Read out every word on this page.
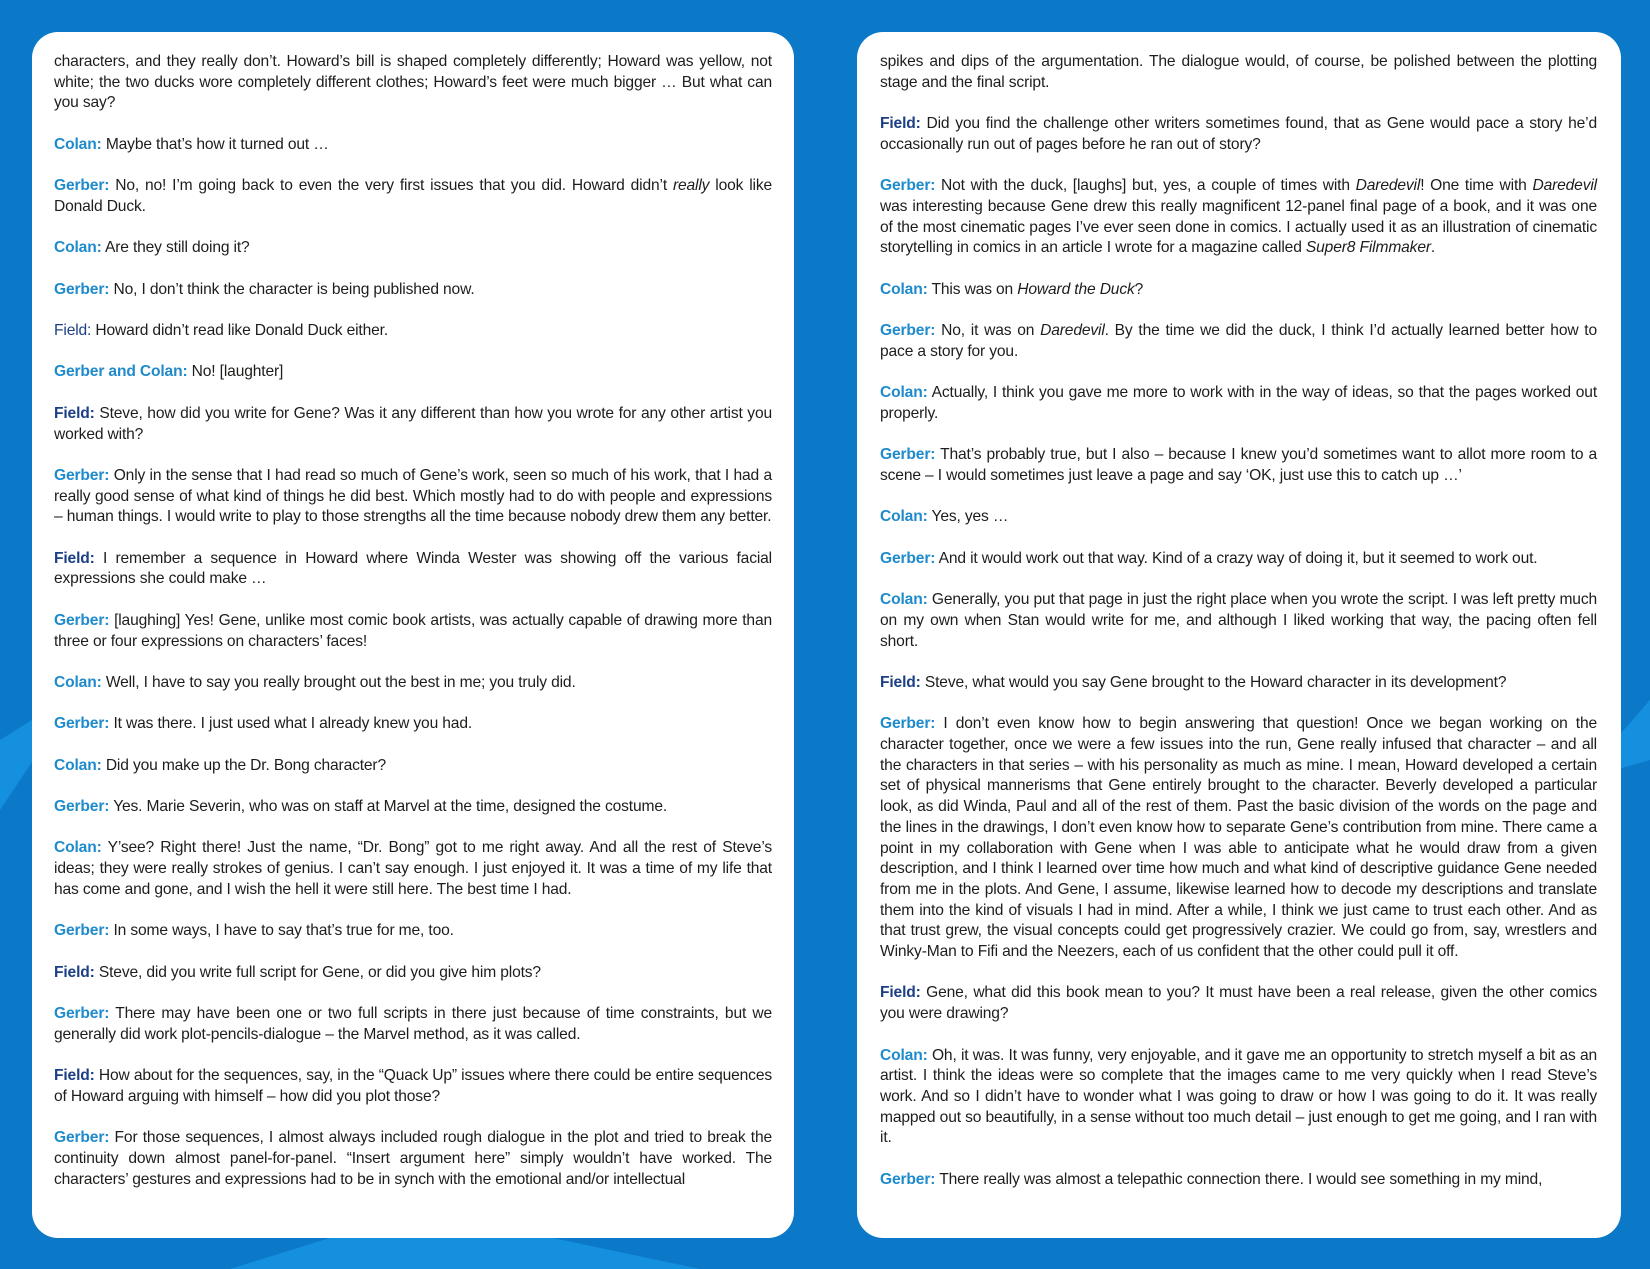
characters, and they really don’t. Howard’s bill is shaped completely differently; Howard was yellow, not white; the two ducks wore completely different clothes; Howard’s feet were much bigger … But what can you say?

Colan: Maybe that’s how it turned out …

Gerber: No, no! I’m going back to even the very first issues that you did. Howard didn’t really look like Donald Duck.

Colan: Are they still doing it?

Gerber: No, I don’t think the character is being published now.

Field: Howard didn’t read like Donald Duck either.

Gerber and Colan: No! [laughter]

Field: Steve, how did you write for Gene? Was it any different than how you wrote for any other artist you worked with?

Gerber: Only in the sense that I had read so much of Gene’s work, seen so much of his work, that I had a really good sense of what kind of things he did best. Which mostly had to do with people and expressions – human things. I would write to play to those strengths all the time because nobody drew them any better.

Field: I remember a sequence in Howard where Winda Wester was showing off the various facial expressions she could make …

Gerber: [laughing] Yes! Gene, unlike most comic book artists, was actually capable of drawing more than three or four expressions on characters’ faces!

Colan: Well, I have to say you really brought out the best in me; you truly did.

Gerber: It was there. I just used what I already knew you had.

Colan: Did you make up the Dr. Bong character?

Gerber: Yes. Marie Severin, who was on staff at Marvel at the time, designed the costume.

Colan: Y’see? Right there! Just the name, “Dr. Bong” got to me right away. And all the rest of Steve’s ideas; they were really strokes of genius. I can’t say enough. I just enjoyed it. It was a time of my life that has come and gone, and I wish the hell it were still here. The best time I had.

Gerber: In some ways, I have to say that’s true for me, too.

Field: Steve, did you write full script for Gene, or did you give him plots?

Gerber: There may have been one or two full scripts in there just because of time constraints, but we generally did work plot-pencils-dialogue – the Marvel method, as it was called.

Field: How about for the sequences, say, in the “Quack Up” issues where there could be entire sequences of Howard arguing with himself – how did you plot those?

Gerber: For those sequences, I almost always included rough dialogue in the plot and tried to break the continuity down almost panel-for-panel. “Insert argument here” simply wouldn’t have worked. The characters’ gestures and expressions had to be in synch with the emotional and/or intellectual

spikes and dips of the argumentation. The dialogue would, of course, be polished between the plotting stage and the final script.

Field: Did you find the challenge other writers sometimes found, that as Gene would pace a story he’d occasionally run out of pages before he ran out of story?

Gerber: Not with the duck, [laughs] but, yes, a couple of times with Daredevil! One time with Daredevil was interesting because Gene drew this really magnificent 12-panel final page of a book, and it was one of the most cinematic pages I’ve ever seen done in comics. I actually used it as an illustration of cinematic storytelling in comics in an article I wrote for a magazine called Super8 Filmmaker.

Colan: This was on Howard the Duck?

Gerber: No, it was on Daredevil. By the time we did the duck, I think I’d actually learned better how to pace a story for you.

Colan: Actually, I think you gave me more to work with in the way of ideas, so that the pages worked out properly.

Gerber: That’s probably true, but I also – because I knew you’d sometimes want to allot more room to a scene – I would sometimes just leave a page and say ‘OK, just use this to catch up …’

Colan: Yes, yes …

Gerber: And it would work out that way. Kind of a crazy way of doing it, but it seemed to work out.

Colan: Generally, you put that page in just the right place when you wrote the script. I was left pretty much on my own when Stan would write for me, and although I liked working that way, the pacing often fell short.

Field: Steve, what would you say Gene brought to the Howard character in its development?

Gerber: I don’t even know how to begin answering that question! Once we began working on the character together, once we were a few issues into the run, Gene really infused that character – and all the characters in that series – with his personality as much as mine. I mean, Howard developed a certain set of physical mannerisms that Gene entirely brought to the character. Beverly developed a particular look, as did Winda, Paul and all of the rest of them. Past the basic division of the words on the page and the lines in the drawings, I don’t even know how to separate Gene’s contribution from mine. There came a point in my collaboration with Gene when I was able to anticipate what he would draw from a given description, and I think I learned over time how much and what kind of descriptive guidance Gene needed from me in the plots. And Gene, I assume, likewise learned how to decode my descriptions and translate them into the kind of visuals I had in mind. After a while, I think we just came to trust each other. And as that trust grew, the visual concepts could get progressively crazier. We could go from, say, wrestlers and Winky-Man to Fifi and the Neezers, each of us confident that the other could pull it off.

Field: Gene, what did this book mean to you? It must have been a real release, given the other comics you were drawing?

Colan: Oh, it was. It was funny, very enjoyable, and it gave me an opportunity to stretch myself a bit as an artist. I think the ideas were so complete that the images came to me very quickly when I read Steve’s work. And so I didn’t have to wonder what I was going to draw or how I was going to do it. It was really mapped out so beautifully, in a sense without too much detail – just enough to get me going, and I ran with it.

Gerber: There really was almost a telepathic connection there. I would see something in my mind,
